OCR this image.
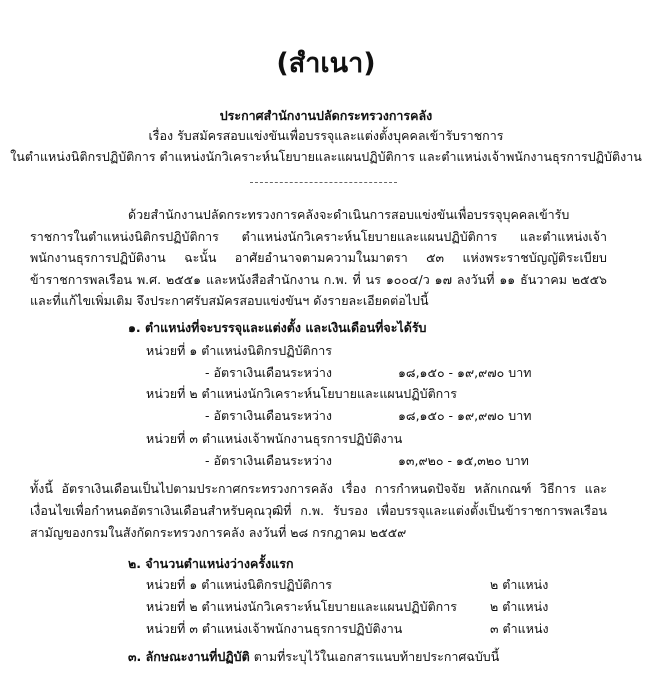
(สำเนา)
ประกาศสำนักงานปลัดกระทรวงการคลัง
เรื่อง รับสมัครสอบแข่งขันเพื่อบรรจุและแต่งตั้งบุคคลเข้ารับราชการ
ในตำแหน่งนิติกรปฏิบัติการ ตำแหน่งนักวิเคราะห์นโยบายและแผนปฏิบัติการ และตำแหน่งเจ้าพนักงานธุรการปฏิบัติงาน
ด้วยสำนักงานปลัดกระทรวงการคลังจะดำเนินการสอบแข่งขันเพื่อบรรจุบุคคลเข้ารับราชการในตำแหน่งนิติกรปฏิบัติการ ตำแหน่งนักวิเคราะห์นโยบายและแผนปฏิบัติการ และตำแหน่งเจ้าพนักงานธุรการปฏิบัติงาน ฉะนั้น อาศัยอำนาจตามความในมาตรา ๕๓ แห่งพระราชบัญญัติระเบียบข้าราชการพลเรือน พ.ศ. ๒๕๕๑ และหนังสือสำนักงาน ก.พ. ที่ นร ๑๐๐๔/ว ๑๗ ลงวันที่ ๑๑ ธันวาคม ๒๕๕๖ และที่แก้ไขเพิ่มเติม จึงประกาศรับสมัครสอบแข่งขันฯ ดังรายละเอียดต่อไปนี้
๑. ตำแหน่งที่จะบรรจุและแต่งตั้ง และเงินเดือนที่จะได้รับ
หน่วยที่ ๑ ตำแหน่งนิติกรปฏิบัติการ
- อัตราเงินเดือนระหว่าง	๑๘,๑๕๐ - ๑๙,๙๗๐ บาท
หน่วยที่ ๒ ตำแหน่งนักวิเคราะห์นโยบายและแผนปฏิบัติการ
- อัตราเงินเดือนระหว่าง	๑๘,๑๕๐ - ๑๙,๙๗๐ บาท
หน่วยที่ ๓ ตำแหน่งเจ้าพนักงานธุรการปฏิบัติงาน
- อัตราเงินเดือนระหว่าง	๑๓,๙๒๐ - ๑๕,๓๒๐ บาท
ทั้งนี้ อัตราเงินเดือนเป็นไปตามประกาศกระทรวงการคลัง เรื่อง การกำหนดปัจจัย หลักเกณฑ์ วิธีการ และเงื่อนไขเพื่อกำหนดอัตราเงินเดือนสำหรับคุณวุฒิที่ ก.พ. รับรอง เพื่อบรรจุและแต่งตั้งเป็นข้าราชการพลเรือนสามัญของกรมในสังกัดกระทรวงการคลัง ลงวันที่ ๒๘ กรกฎาคม ๒๕๕๙
๒. จำนวนตำแหน่งว่างครั้งแรก
หน่วยที่ ๑ ตำแหน่งนิติกรปฏิบัติการ	๒ ตำแหน่ง
หน่วยที่ ๒ ตำแหน่งนักวิเคราะห์นโยบายและแผนปฏิบัติการ	๒ ตำแหน่ง
หน่วยที่ ๓ ตำแหน่งเจ้าพนักงานธุรการปฏิบัติงาน	๓ ตำแหน่ง
๓. ลักษณะงานที่ปฏิบัติ ตามที่ระบุไว้ในเอกสารแนบท้ายประกาศฉบับนี้
